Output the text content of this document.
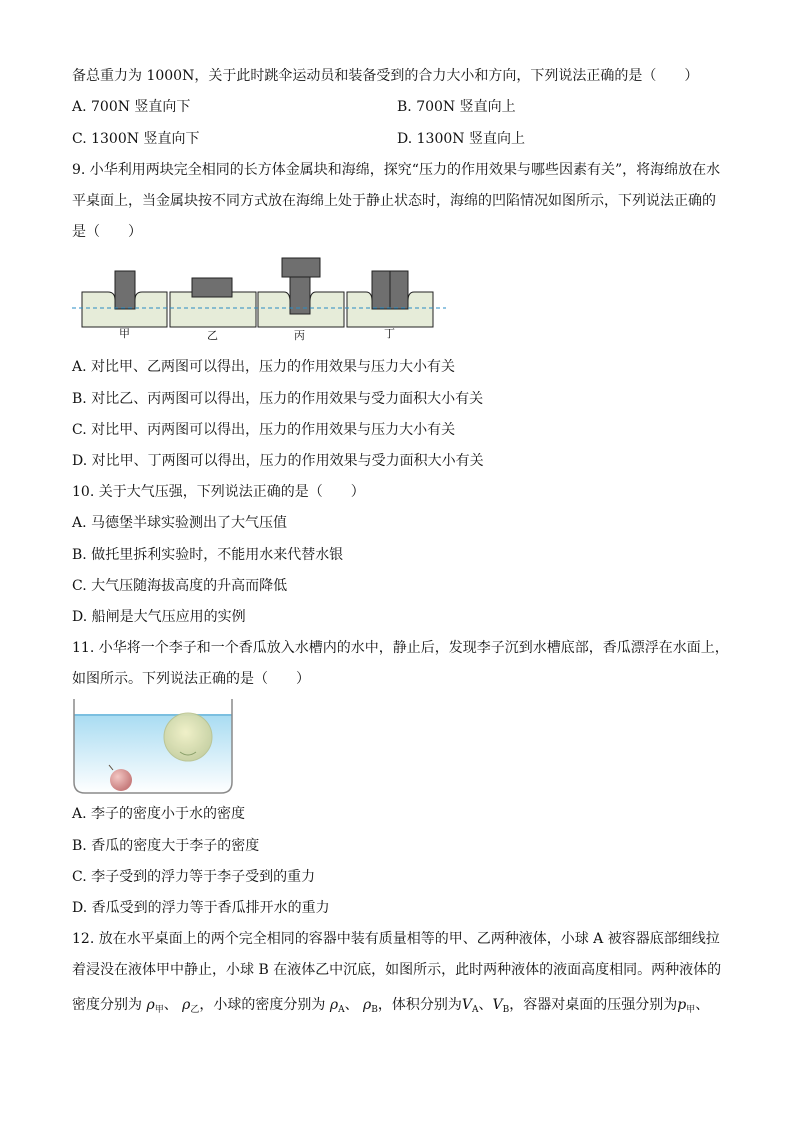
备总重力为 1000N，关于此时跳伞运动员和装备受到的合力大小和方向，下列说法正确的是（　　）
A. 700N 竖直向下	B. 700N 竖直向上
C. 1300N 竖直向下	D. 1300N 竖直向上
9. 小华利用两块完全相同的长方体金属块和海绵，探究“压力的作用效果与哪些因素有关”，将海绵放在水
平桌面上，当金属块按不同方式放在海绵上处于静止状态时，海绵的凹陷情况如图所示，下列说法正确的
是（　　）
甲	乙	丙	丁
A. 对比甲、乙两图可以得出，压力的作用效果与压力大小有关
B. 对比乙、丙两图可以得出，压力的作用效果与受力面积大小有关
C. 对比甲、丙两图可以得出，压力的作用效果与压力大小有关
D. 对比甲、丁两图可以得出，压力的作用效果与受力面积大小有关
10. 关于大气压强，下列说法正确的是（　　）
A. 马德堡半球实验测出了大气压值
B. 做托里拆利实验时，不能用水来代替水银
C. 大气压随海拔高度的升高而降低
D. 船闸是大气压应用的实例
11. 小华将一个李子和一个香瓜放入水槽内的水中，静止后，发现李子沉到水槽底部，香瓜漂浮在水面上，
如图所示。下列说法正确的是（　　）
A. 李子的密度小于水的密度
B. 香瓜的密度大于李子的密度
C. 李子受到的浮力等于李子受到的重力
D. 香瓜受到的浮力等于香瓜排开水的重力
12. 放在水平桌面上的两个完全相同的容器中装有质量相等的甲、乙两种液体，小球 A 被容器底部细线拉
着浸没在液体甲中静止，小球 B 在液体乙中沉底，如图所示，此时两种液体的液面高度相同。两种液体的
密度分别为 $\rho_甲$、 $\rho_乙$，小球的密度分别为 $\rho_A$、 $\rho_B$，体积分别为$V_A$、$V_B$，容器对桌面的压强分别为$p_甲$、
